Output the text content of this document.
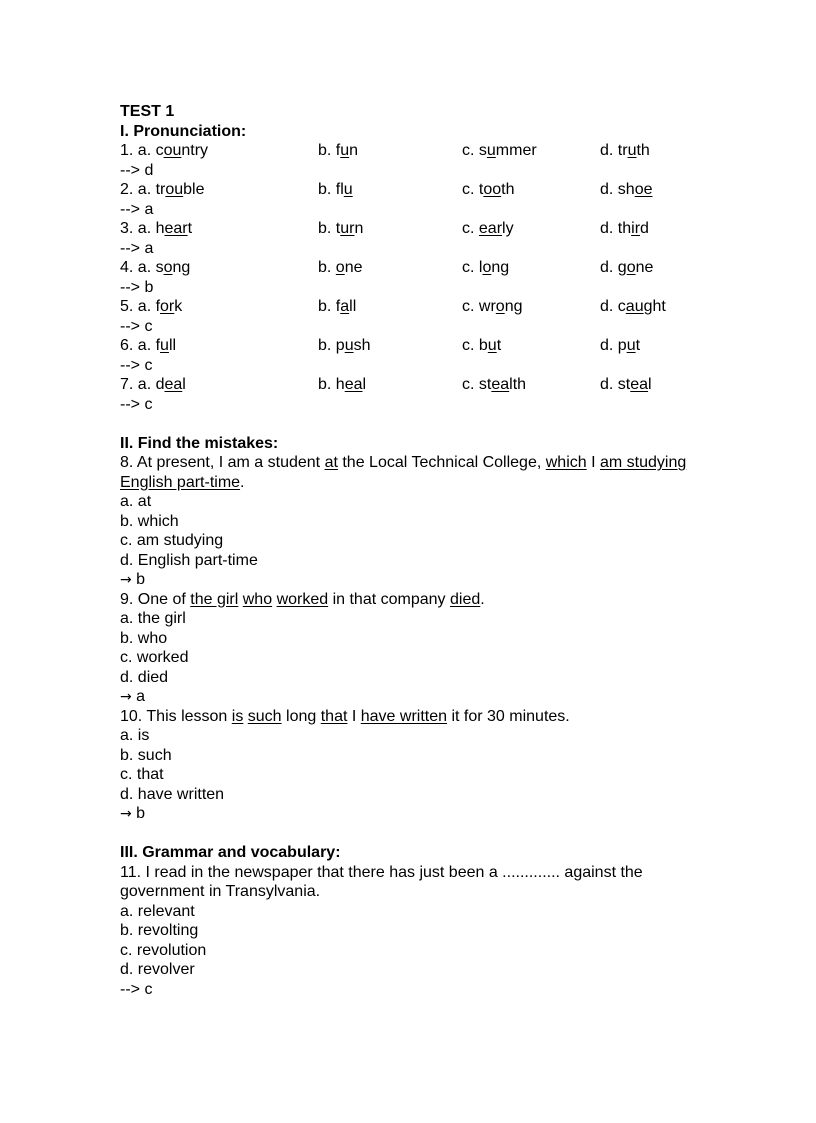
TEST 1
I. Pronunciation:
1. a. country	b. fun	c. summer	d. truth
--> d
2. a. trouble	b. flu	c. tooth	d. shoe
--> a
3. a. heart	b. turn	c. early	d. third
--> a
4. a. song	b. one	c. long	d. gone
--> b
5. a. fork	b. fall	c. wrong	d. caught
--> c
6. a. full	b. push	c. but	d. put
--> c
7. a. deal	b. heal	c. stealth	d. steal
--> c
II. Find the mistakes:
8. At present, I am a student at the Local Technical College, which I am studying
English part-time.
a. at
b. which
c. am studying
d. English part-time
→ b
9. One of the girl who worked in that company died.
a. the girl
b. who
c. worked
d. died
→ a
10. This lesson is such long that I have written it for 30 minutes.
a. is
b. such
c. that
d. have written
→ b
III. Grammar and vocabulary:
11. I read in the newspaper that there has just been a ............. against the
government in Transylvania.
a. relevant
b. revolting
c. revolution
d. revolver
--> c
